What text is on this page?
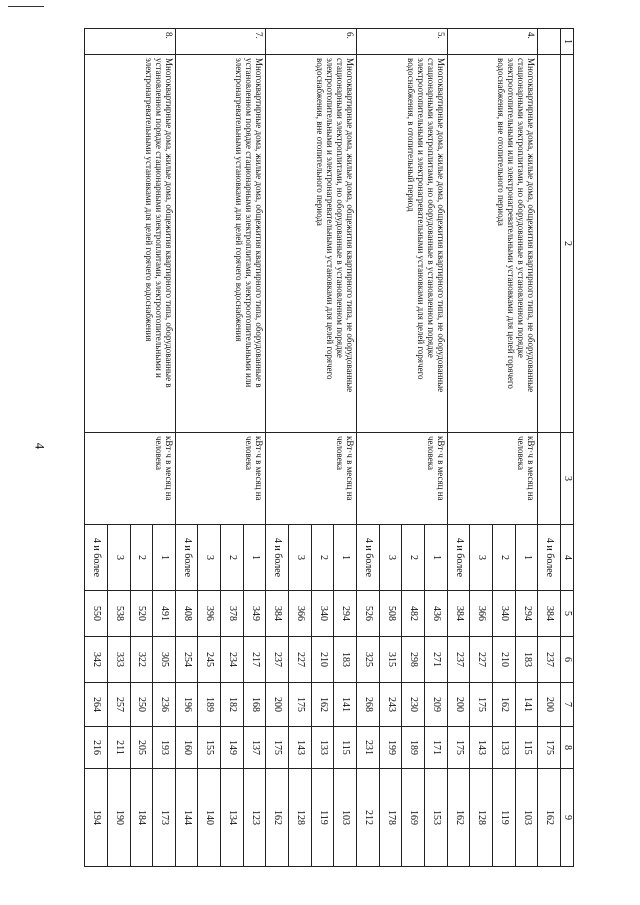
4
1	2	3	4	5	6	7	8	9
			4 и более	384	237	200	175	162
4.	Многоквартирные дома, жилые дома, общежития квартирного типа, не оборудованные стационарными электроплитами, но оборудованные в установленном порядке электроотопительными или электронагревательными установками для целей горячего водоснабжения, вне отопительного периода	кВт·ч в месяц на человека	1	294	183	141	115	103
			2	340	210	162	133	119
			3	366	227	175	143	128
			4 и более	384	237	200	175	162
5.	Многоквартирные дома, жилые дома, общежития квартирного типа, не оборудованные стационарными электроплитами, но оборудованные в установленном порядке электроотопительными и электронагревательными установками для целей горячего водоснабжения, в отопительный период	кВт·ч в месяц на человека	1	436	271	209	171	153
			2	482	298	230	189	169
			3	508	315	243	199	178
			4 и более	526	325	268	231	212
6.	Многоквартирные дома, жилые дома, общежития квартирного типа, не оборудованные стационарными электроплитами, но оборудованные в установленном порядке электроотопительными и электронагревательными установками для целей горячего водоснабжения, вне отопительного периода	кВт·ч в месяц на человека	1	294	183	141	115	103
			2	340	210	162	133	119
			3	366	227	175	143	128
			4 и более	384	237	200	175	162
7.	Многоквартирные дома, жилые дома, общежития квартирного типа, оборудованные в установленном порядке стационарными электроплитами, электроотопительными или электронагревательными установками для целей горячего водоснабжения	кВт·ч в месяц на человека	1	349	217	168	137	123
			2	378	234	182	149	134
			3	396	245	189	155	140
			4 и более	408	254	196	160	144
8.	Многоквартирные дома, жилые дома, общежития квартирного типа, оборудованные в установленном порядке стационарными электроплитами, электроотопительными и электронагревательными установками для целей горячего водоснабжения	кВт·ч в месяц на человека	1	491	305	236	193	173
			2	520	322	250	205	184
			3	538	333	257	211	190
			4 и более	550	342	264	216	194
